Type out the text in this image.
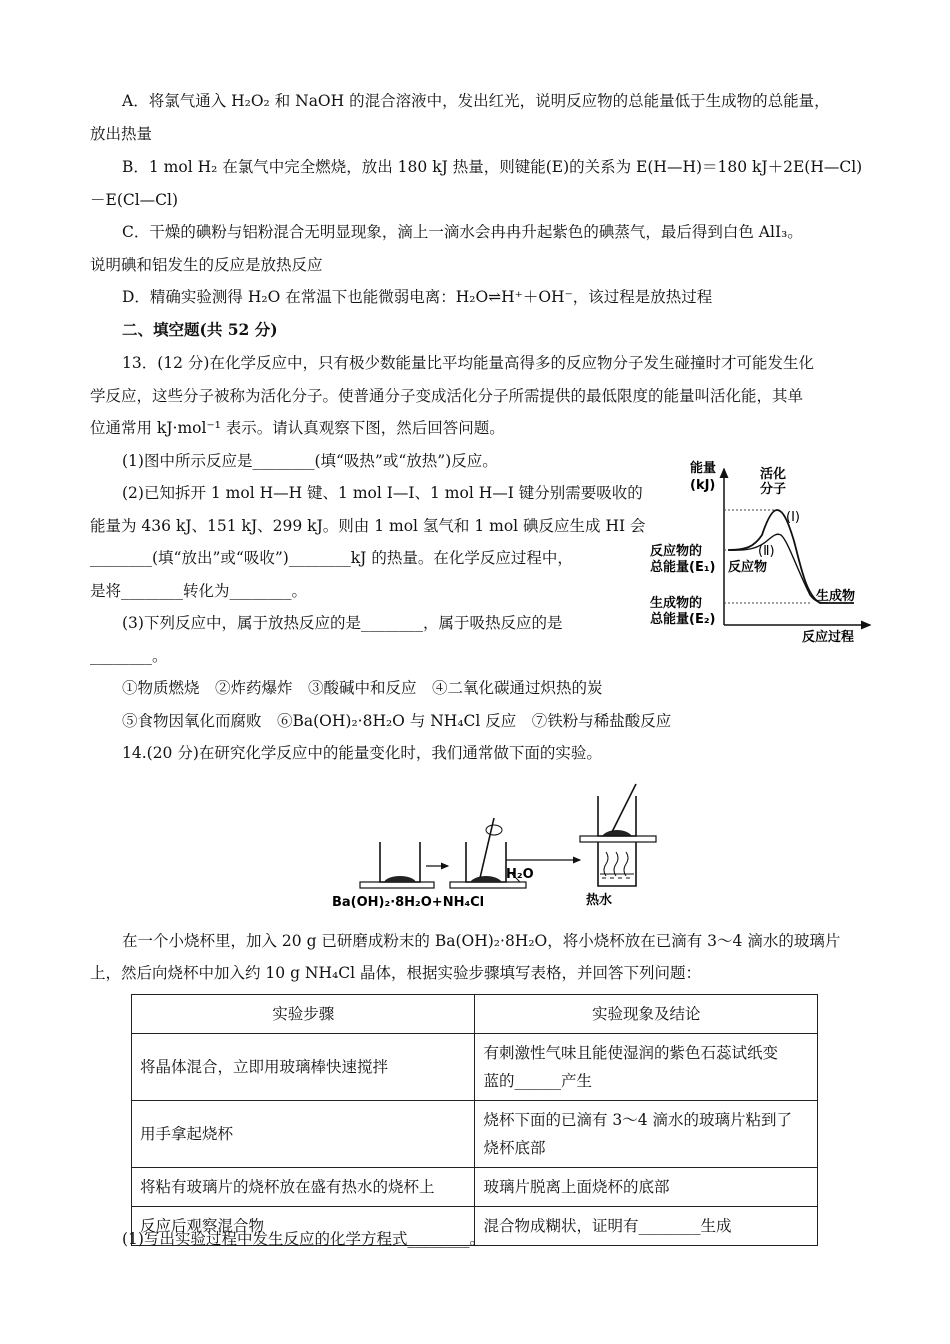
A．将氯气通入 H₂O₂ 和 NaOH 的混合溶液中，发出红光，说明反应物的总能量低于生成物的总能量，
放出热量
B．1 mol H₂ 在氯气中完全燃烧，放出 180 kJ 热量，则键能(E)的关系为 E(H—H)＝180 kJ＋2E(H—Cl)
－E(Cl—Cl)
C．干燥的碘粉与铝粉混合无明显现象，滴上一滴水会冉冉升起紫色的碘蒸气，最后得到白色 AlI₃。
说明碘和铝发生的反应是放热反应
D．精确实验测得 H₂O 在常温下也能微弱电离：H₂O⇌H⁺＋OH⁻，该过程是放热过程
二、填空题(共 52 分)
13．(12 分)在化学反应中，只有极少数能量比平均能量高得多的反应物分子发生碰撞时才可能发生化
学反应，这些分子被称为活化分子。使普通分子变成活化分子所需提供的最低限度的能量叫活化能，其单
位通常用 kJ·mol⁻¹ 表示。请认真观察下图，然后回答问题。
(1)图中所示反应是________(填“吸热”或“放热”)反应。
(2)已知拆开 1 mol H—H 键、1 mol I—I、1 mol H—I 键分别需要吸收的
能量为 436 kJ、151 kJ、299 kJ。则由 1 mol 氢气和 1 mol 碘反应生成 HI 会
________(填“放出”或“吸收”)________kJ 的热量。在化学反应过程中，
是将________转化为________。
(3)下列反应中，属于放热反应的是________，属于吸热反应的是
________。
①物质燃烧　②炸药爆炸　③酸碱中和反应　④二氧化碳通过炽热的炭
⑤食物因氧化而腐败　⑥Ba(OH)₂·8H₂O 与 NH₄Cl 反应　⑦铁粉与稀盐酸反应
能量
(kJ)
活化
分子
(Ⅰ)
(Ⅱ)
反应物的
总能量(E₁) 反应物
生成物的
总能量(E₂)
生成物
反应过程
14.(20 分)在研究化学反应中的能量变化时，我们通常做下面的实验。
H₂O
热水
Ba(OH)₂·8H₂O+NH₄Cl
在一个小烧杯里，加入 20 g 已研磨成粉末的 Ba(OH)₂·8H₂O，将小烧杯放在已滴有 3～4 滴水的玻璃片
上，然后向烧杯中加入约 10 g NH₄Cl 晶体，根据实验步骤填写表格，并回答下列问题：
实验步骤	实验现象及结论
将晶体混合，立即用玻璃棒快速搅拌	有刺激性气味且能使湿润的紫色石蕊试纸变
蓝的______产生

用手拿起烧杯	烧杯下面的已滴有 3～4 滴水的玻璃片粘到了
烧杯底部

将粘有玻璃片的烧杯放在盛有热水的烧杯上	玻璃片脱离上面烧杯的底部
反应后观察混合物	混合物成糊状，证明有________生成
(1)写出实验过程中发生反应的化学方程式________。
